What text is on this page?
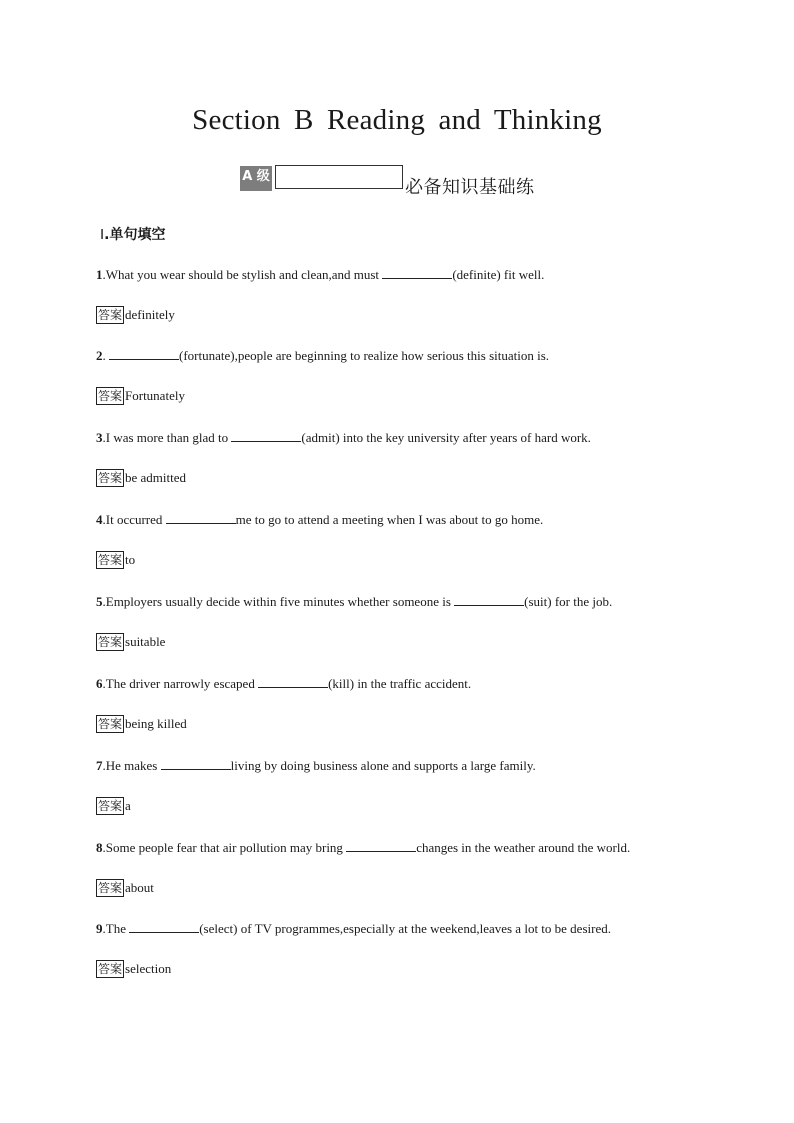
Section B Reading and Thinking
A 级
必备知识基础练
Ⅰ.单句填空
1.What you wear should be stylish and clean,and must	(definite) fit well.
答案 definitely
2.	(fortunate),people are beginning to realize how serious this situation is.
答案 Fortunately
3.I was more than glad to	(admit) into the key university after years of hard work.
答案 be admitted
4.It occurred	me to go to attend a meeting when I was about to go home.
答案 to
5.Employers usually decide within five minutes whether someone is	(suit) for the job.
答案 suitable
6.The driver narrowly escaped	(kill) in the traffic accident.
答案 being killed
7.He makes	living by doing business alone and supports a large family.
答案 a
8.Some people fear that air pollution may bring	changes in the weather around the world.
答案 about
9.The	(select) of TV programmes,especially at the weekend,leaves a lot to be desired.
答案 selection
